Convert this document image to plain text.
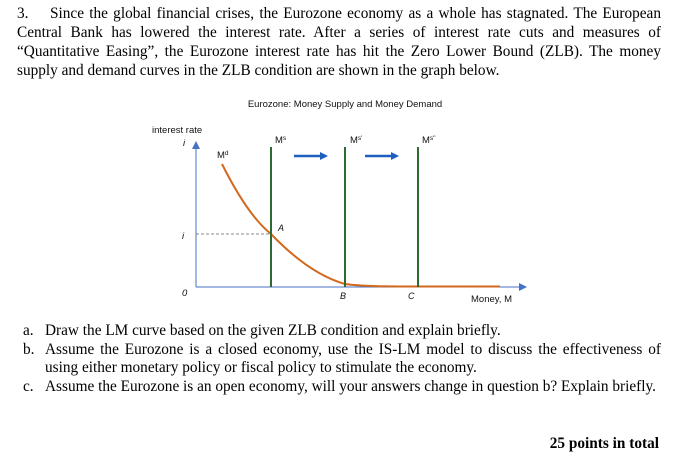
3. Since the global financial crises, the Eurozone economy as a whole has stagnated. The European Central Bank has lowered the interest rate. After a series of interest rate cuts and measures of “Quantitative Easing”, the Eurozone interest rate has hit the Zero Lower Bound (ZLB). The money supply and demand curves in the ZLB condition are shown in the graph below.
Eurozone: Money Supply and Money Demand
interest rate
i
0
i
Money, M
$M^d$
$M^s$	$M^{s'}$	$M^{s''}$
A
B	C
a. Draw the LM curve based on the given ZLB condition and explain briefly.
b. Assume the Eurozone is a closed economy, use the IS-LM model to discuss the effectiveness of using either monetary policy or fiscal policy to stimulate the economy.
c. Assume the Eurozone is an open economy, will your answers change in question b? Explain briefly.
25 points in total
